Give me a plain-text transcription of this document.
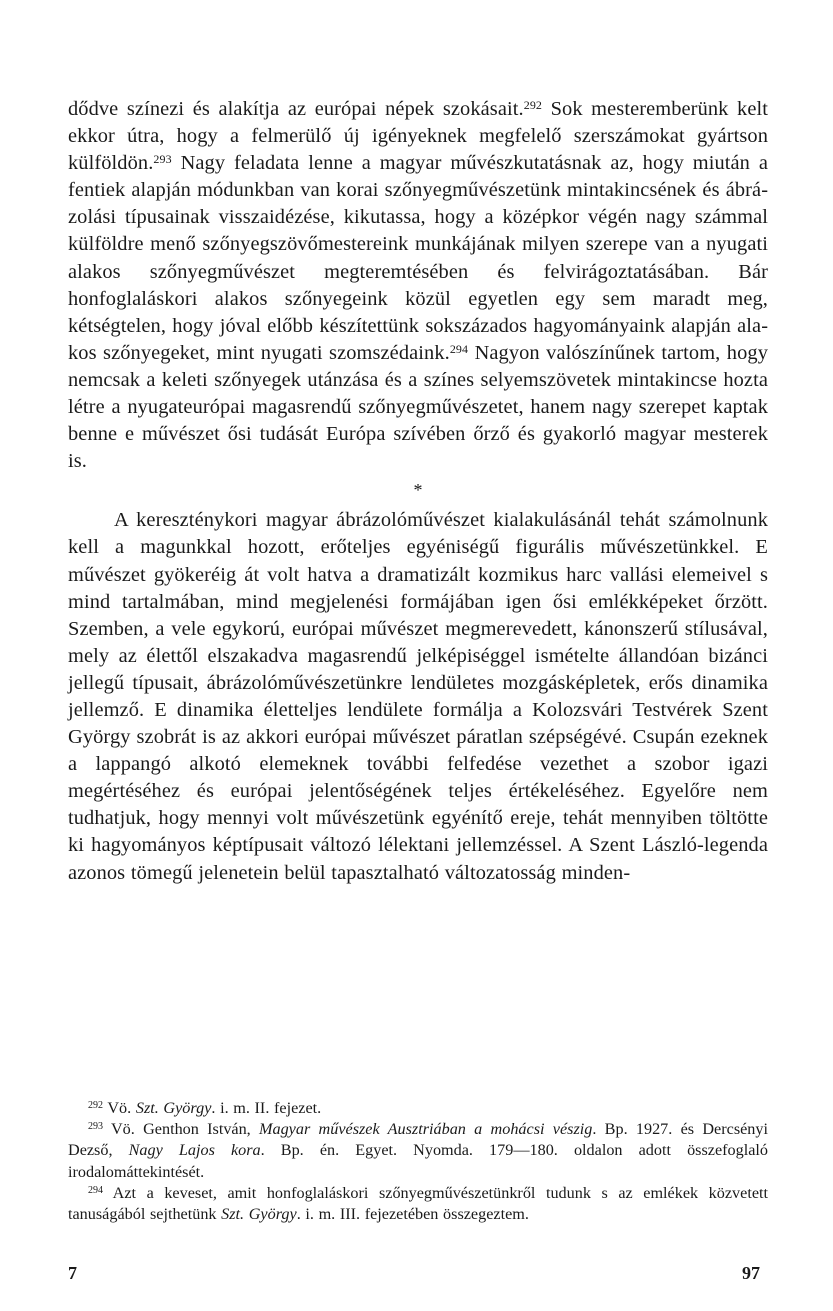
dődve színezi és alakítja az európai népek szokásait.$^{292}$ Sok mesteremberünk kelt ekkor útra, hogy a felmerülő új igényeknek megfelelő szerszámokat gyártson külföldön.$^{293}$ Nagy feladata lenne a magyar művészkutatásnak az, hogy miután a fentiek alapján módunkban van korai szőnyegművészetünk mintakincsének és ábrázolási típusainak visszaidézése, kikutassa, hogy a középkor végén nagy számmal külföldre menő szőnyegszövőmestereink munkájának milyen szerepe van a nyugati alakos szőnyegművészet megteremtésében és felvirágoztatásában. Bár honfoglaláskori alakos szőnyegeink közül egyetlen egy sem maradt meg, kétségtelen, hogy jóval előbb készítettünk sokszázados hagyományaink alapján alakos szőnyegeket, mint nyugati szomszédaink.$^{294}$ Nagyon valószínűnek tartom, hogy nemcsak a keleti szőnyegek utánzása és a színes selyemszövetek mintakincse hozta létre a nyugateurópai magasrendű szőnyegművészetet, hanem nagy szerepet kaptak benne e művészet ősi tudását Európa szívében őrző és gyakorló magyar mesterek is.

*

A kereszténykori magyar ábrázolóművészet kialakulásánál tehát számolnunk kell a magunkkal hozott, erőteljes egyéniségű figurális művészetünkkel. E művészet gyökeréig át volt hatva a dramatizált kozmikus harc vallási elemeivel s mind tartalmában, mind megjelenési formájában igen ősi emlékképeket őrzött. Szemben, a vele egykorú, európai művészet megmerevedett, kánonszerű stílusával, mely az élettől elszakadva magasrendű jelképiséggel ismételte állandóan bizánci jellegű típusait, ábrázolóművészetünkre lendületes mozgásképletek, erős dinamika jellemző. E dinamika életteljes lendülete formálja a Kolozsvári Testvérek Szent György szobrát is az akkori európai művészet páratlan szépségévé. Csupán ezeknek a lappangó alkotó elemeknek további felfedése vezethet a szobor igazi megértéséhez és európai jelentőségének teljes értékeléséhez. Egyelőre nem tudhatjuk, hogy mennyi volt művészetünk egyénítő ereje, tehát mennyiben töltötte ki hagyományos képtípusait változó lélektani jellemzéssel. A Szent László-legenda azonos tömegű jelenetein belül tapasztalható változatosság minden-

$^{292}$ Vö. Szt. György. i. m. II. fejezet.

$^{293}$ Vö. Genthon István, Magyar művészek Ausztriában a mohácsi vészig. Bp. 1927. és Dercsényi Dezső, Nagy Lajos kora. Bp. én. Egyet. Nyomda. 179—180. oldalon adott összefoglaló irodalomáttekintését.

$^{294}$ Azt a keveset, amit honfoglaláskori szőnyegművészetünkről tudunk s az emlékek közvetett tanuságából sejthetünk Szt. György. i. m. III. fejezetében összegeztem.

7	97
